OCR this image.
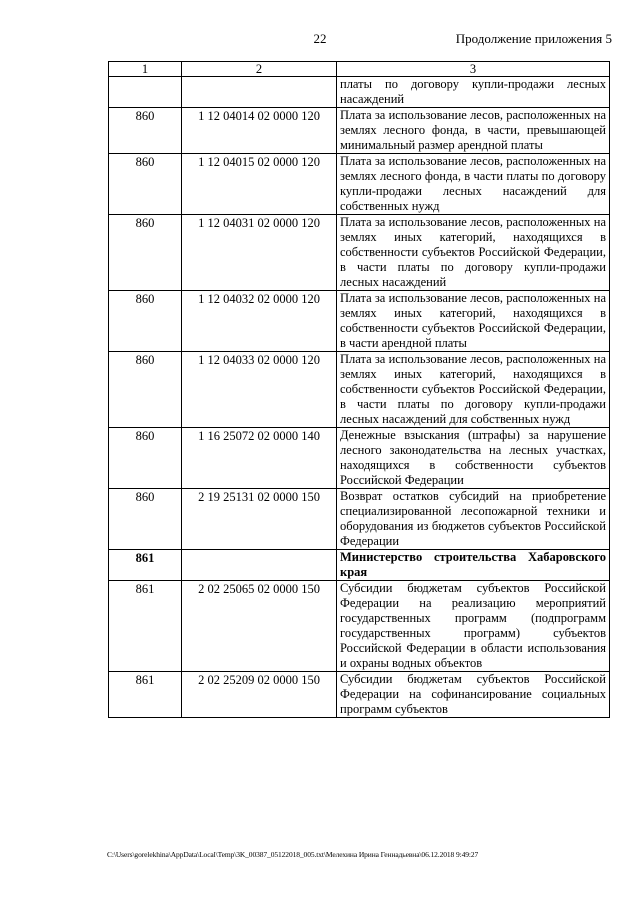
22	Продолжение приложения 5
1	2	3
		платы по договору купли-продажи лесных насаждений
860	1 12 04014 02 0000 120	Плата за использование лесов, расположенных на землях лесного фонда, в части, превышающей минимальный размер арендной платы
860	1 12 04015 02 0000 120	Плата за использование лесов, расположенных на землях лесного фонда, в части платы по договору купли-продажи лесных насаждений для собственных нужд
860	1 12 04031 02 0000 120	Плата за использование лесов, расположенных на землях иных категорий, находящихся в собственности субъектов Российской Федерации, в части платы по договору купли-продажи лесных насаждений
860	1 12 04032 02 0000 120	Плата за использование лесов, расположенных на землях иных категорий, находящихся в собственности субъектов Российской Федерации, в части арендной платы
860	1 12 04033 02 0000 120	Плата за использование лесов, расположенных на землях иных категорий, находящихся в собственности субъектов Российской Федерации, в части платы по договору купли-продажи лесных насаждений для собственных нужд
860	1 16 25072 02 0000 140	Денежные взыскания (штрафы) за нарушение лесного законодательства на лесных участках, находящихся в собственности субъектов Российской Федерации
860	2 19 25131 02 0000 150	Возврат остатков субсидий на приобретение специализированной лесопожарной техники и оборудования из бюджетов субъектов Российской Федерации
861		Министерство строительства Хабаровского края
861	2 02 25065 02 0000 150	Субсидии бюджетам субъектов Российской Федерации на реализацию мероприятий государственных программ (подпрограмм государственных программ) субъектов Российской Федерации в области использования и охраны водных объектов
861	2 02 25209 02 0000 150	Субсидии бюджетам субъектов Российской Федерации на софинансирование социальных программ субъектов
C:\Users\gorelekhina\AppData\Local\Temp\3K_00387_05122018_005.txt\Мелехина Ирина Геннадьевна\06.12.2018 9:49:27
